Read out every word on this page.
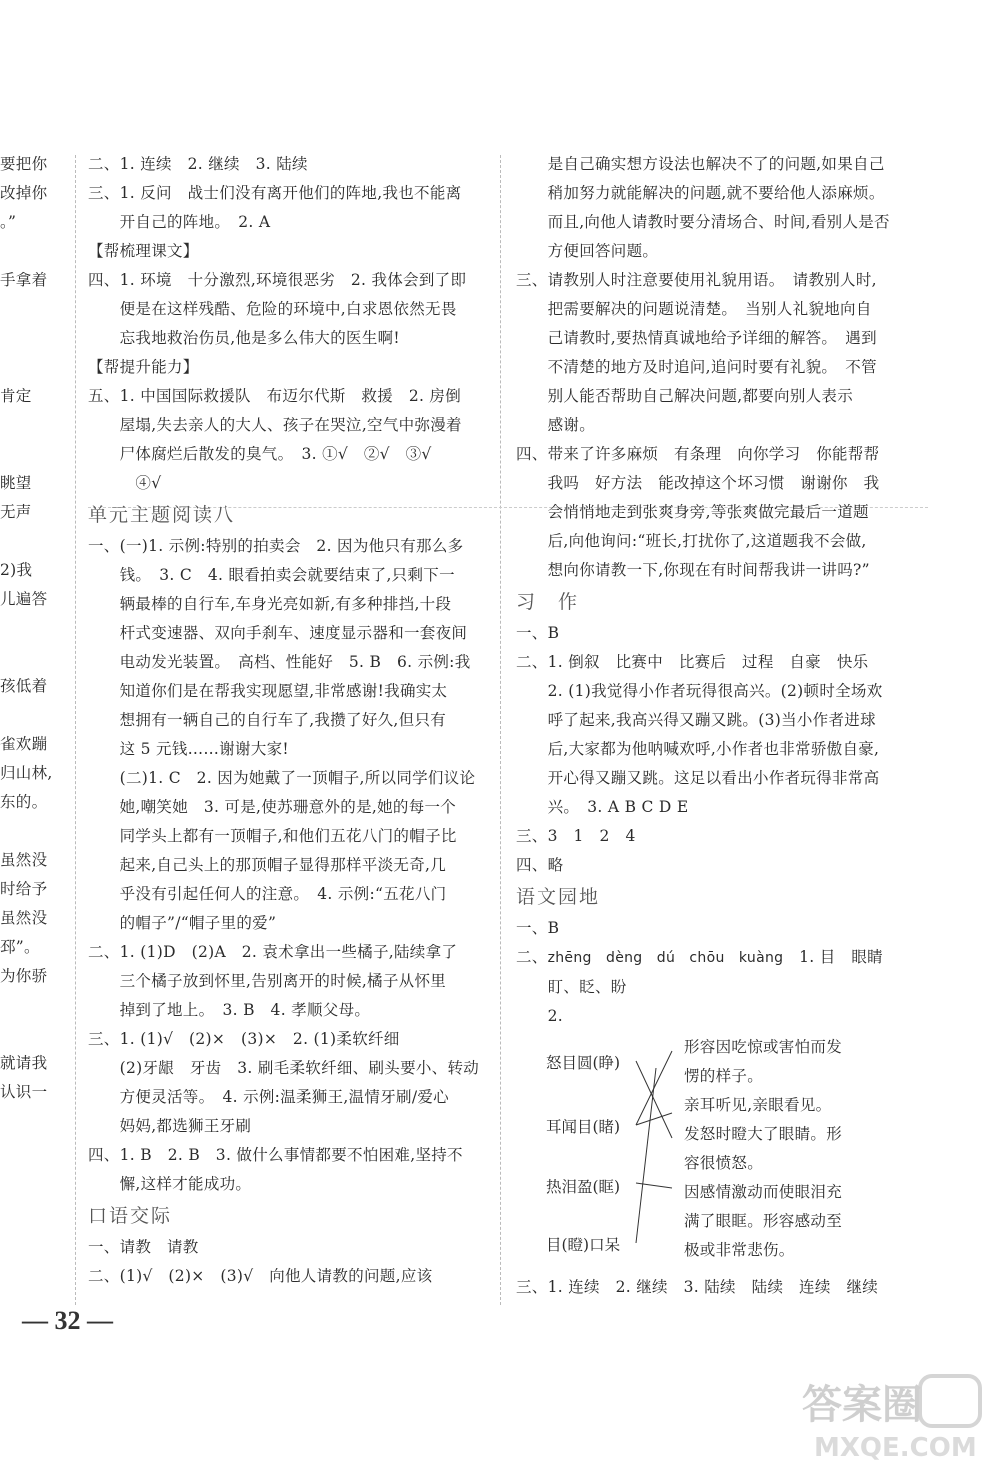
要把你
改掉你
。”
手拿着
肯定
眺望
无声
2)我
儿遍答
孩低着
雀欢蹦
归山林,
东的。
虽然没
时给予
虽然没
邳”。
为你骄
就请我
认识一
二、1. 连续　2. 继续　3. 陆续
三、1. 反问　战士们没有离开他们的阵地,我也不能离
　　开自己的阵地。　2. A
【帮梳理课文】
四、1. 环境　十分激烈,环境很恶劣　2. 我体会到了即
　　便是在这样残酷、危险的环境中,白求恩依然无畏
　　忘我地救治伤员,他是多么伟大的医生啊!
【帮提升能力】
五、1. 中国国际救援队　布迈尔代斯　救援　2. 房倒
　　屋塌,失去亲人的大人、孩子在哭泣,空气中弥漫着
　　尸体腐烂后散发的臭气。　3. ①√　②√　③√
　　　④√
单元主题阅读八
一、(一)1. 示例:特别的拍卖会　2. 因为他只有那么多
　　钱。　3. C　4. 眼看拍卖会就要结束了,只剩下一
　　辆最棒的自行车,车身光亮如新,有多种排挡,十段
　　杆式变速器、双向手刹车、速度显示器和一套夜间
　　电动发光装置。　高档、性能好　5. B　6. 示例:我
　　知道你们是在帮我实现愿望,非常感谢!我确实太
　　想拥有一辆自己的自行车了,我攒了好久,但只有
　　这 5 元钱……谢谢大家!
　　(二)1. C　2. 因为她戴了一顶帽子,所以同学们议论
　　她,嘲笑她　3. 可是,使苏珊意外的是,她的每一个
　　同学头上都有一顶帽子,和他们五花八门的帽子比
　　起来,自己头上的那顶帽子显得那样平淡无奇,几
　　乎没有引起任何人的注意。　4. 示例:“五花八门
　　的帽子”/“帽子里的爱”
二、1. (1)D　(2)A　2. 袁术拿出一些橘子,陆续拿了
　　三个橘子放到怀里,告别离开的时候,橘子从怀里
　　掉到了地上。　3. B　4. 孝顺父母。
三、1. (1)√　(2)×　(3)×　2. (1)柔软纤细
　　(2)牙龈　牙齿　3. 刷毛柔软纤细、刷头要小、转动
　　方便灵活等。　4. 示例:温柔狮王,温情牙刷/爱心
　　妈妈,都选狮王牙刷
四、1. B　2. B　3. 做什么事情都要不怕困难,坚持不
　　懈,这样才能成功。
口语交际
一、请教　请教
二、(1)√　(2)×　(3)√　向他人请教的问题,应该
　　是自己确实想方设法也解决不了的问题,如果自己
　　稍加努力就能解决的问题,就不要给他人添麻烦。
　　而且,向他人请教时要分清场合、时间,看别人是否
　　方便回答问题。
三、请教别人时注意要使用礼貌用语。　请教别人时,
　　把需要解决的问题说清楚。　当别人礼貌地向自
　　己请教时,要热情真诚地给予详细的解答。　遇到
　　不清楚的地方及时追问,追问时要有礼貌。　不管
　　别人能否帮助自己解决问题,都要向别人表示
　　感谢。
四、带来了许多麻烦　有条理　向你学习　你能帮帮
　　我吗　好方法　能改掉这个坏习惯　谢谢你　我
　　会悄悄地走到张爽身旁,等张爽做完最后一道题
　　后,向他询问:“班长,打扰你了,这道题我不会做,
　　想向你请教一下,你现在有时间帮我讲一讲吗?”
习　作
一、B
二、1. 倒叙　比赛中　比赛后　过程　自豪　快乐
　　2. (1)我觉得小作者玩得很高兴。(2)顿时全场欢
　　呼了起来,我高兴得又蹦又跳。(3)当小作者进球
　　后,大家都为他呐喊欢呼,小作者也非常骄傲自豪,
　　开心得又蹦又跳。这足以看出小作者玩得非常高
　　兴。　3. A B C D E
三、3　1　2　4
四、略
语文园地
一、B
二、zhēng　dèng　dú　chōu　kuàng　1. 目　眼睛
　　盯、眨、盼
　　2.
怒目圆(睁)
耳闻目(睹)
热泪盈(眶)
目(瞪)口呆
形容因吃惊或害怕而发
愣的样子。
亲耳听见,亲眼看见。
发怒时瞪大了眼睛。形
容很愤怒。
因感情激动而使眼泪充
满了眼眶。形容感动至
极或非常悲伤。
三、1. 连续　2. 继续　3. 陆续　陆续　连续　继续
— 32 —
答案圈
MXQE.COM
